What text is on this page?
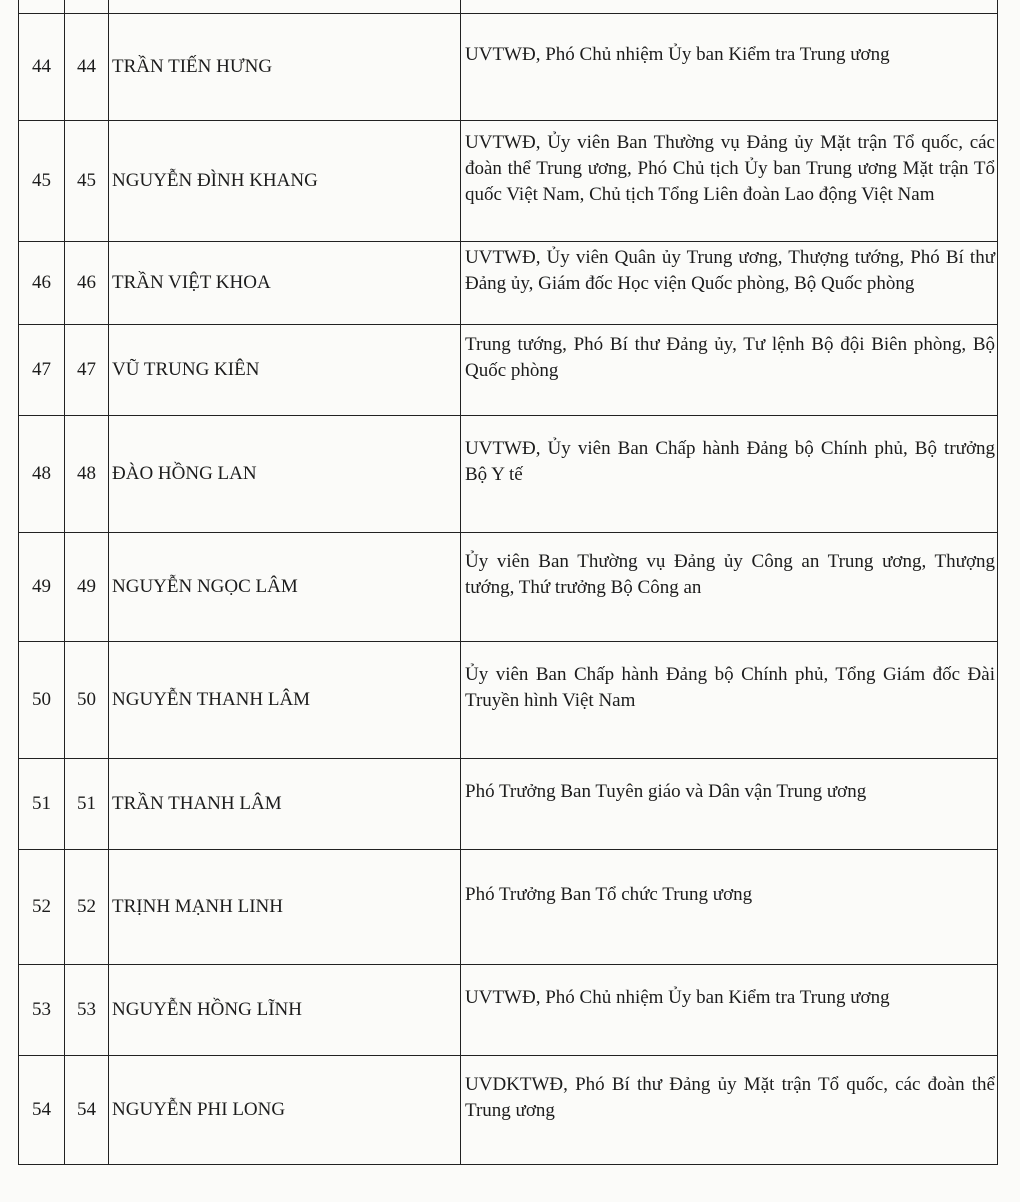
44	44	TRẦN TIẾN HƯNG	UVTWĐ, Phó Chủ nhiệm Ủy ban Kiểm tra Trung ương

45	45	NGUYỄN ĐÌNH KHANG	UVTWĐ, Ủy viên Ban Thường vụ Đảng ủy Mặt trận Tổ quốc, các đoàn thể Trung ương, Phó Chủ tịch Ủy ban Trung ương Mặt trận Tổ quốc Việt Nam, Chủ tịch Tổng Liên đoàn Lao động Việt Nam

46	46	TRẦN VIỆT KHOA	UVTWĐ, Ủy viên Quân ủy Trung ương, Thượng tướng, Phó Bí thư Đảng ủy, Giám đốc Học viện Quốc phòng, Bộ Quốc phòng

47	47	VŨ TRUNG KIÊN	Trung tướng, Phó Bí thư Đảng ủy, Tư lệnh Bộ đội Biên phòng, Bộ Quốc phòng

48	48	ĐÀO HỒNG LAN	UVTWĐ, Ủy viên Ban Chấp hành Đảng bộ Chính phủ, Bộ trưởng Bộ Y tế

49	49	NGUYỄN NGỌC LÂM	Ủy viên Ban Thường vụ Đảng ủy Công an Trung ương, Thượng tướng, Thứ trưởng Bộ Công an

50	50	NGUYỄN THANH LÂM	Ủy viên Ban Chấp hành Đảng bộ Chính phủ, Tổng Giám đốc Đài Truyền hình Việt Nam

51	51	TRẦN THANH LÂM	Phó Trưởng Ban Tuyên giáo và Dân vận Trung ương

52	52	TRỊNH MẠNH LINH	Phó Trưởng Ban Tổ chức Trung ương

53	53	NGUYỄN HỒNG LĨNH	UVTWĐ, Phó Chủ nhiệm Ủy ban Kiểm tra Trung ương

54	54	NGUYỄN PHI LONG	UVDKTWĐ, Phó Bí thư Đảng ủy Mặt trận Tổ quốc, các đoàn thể Trung ương
